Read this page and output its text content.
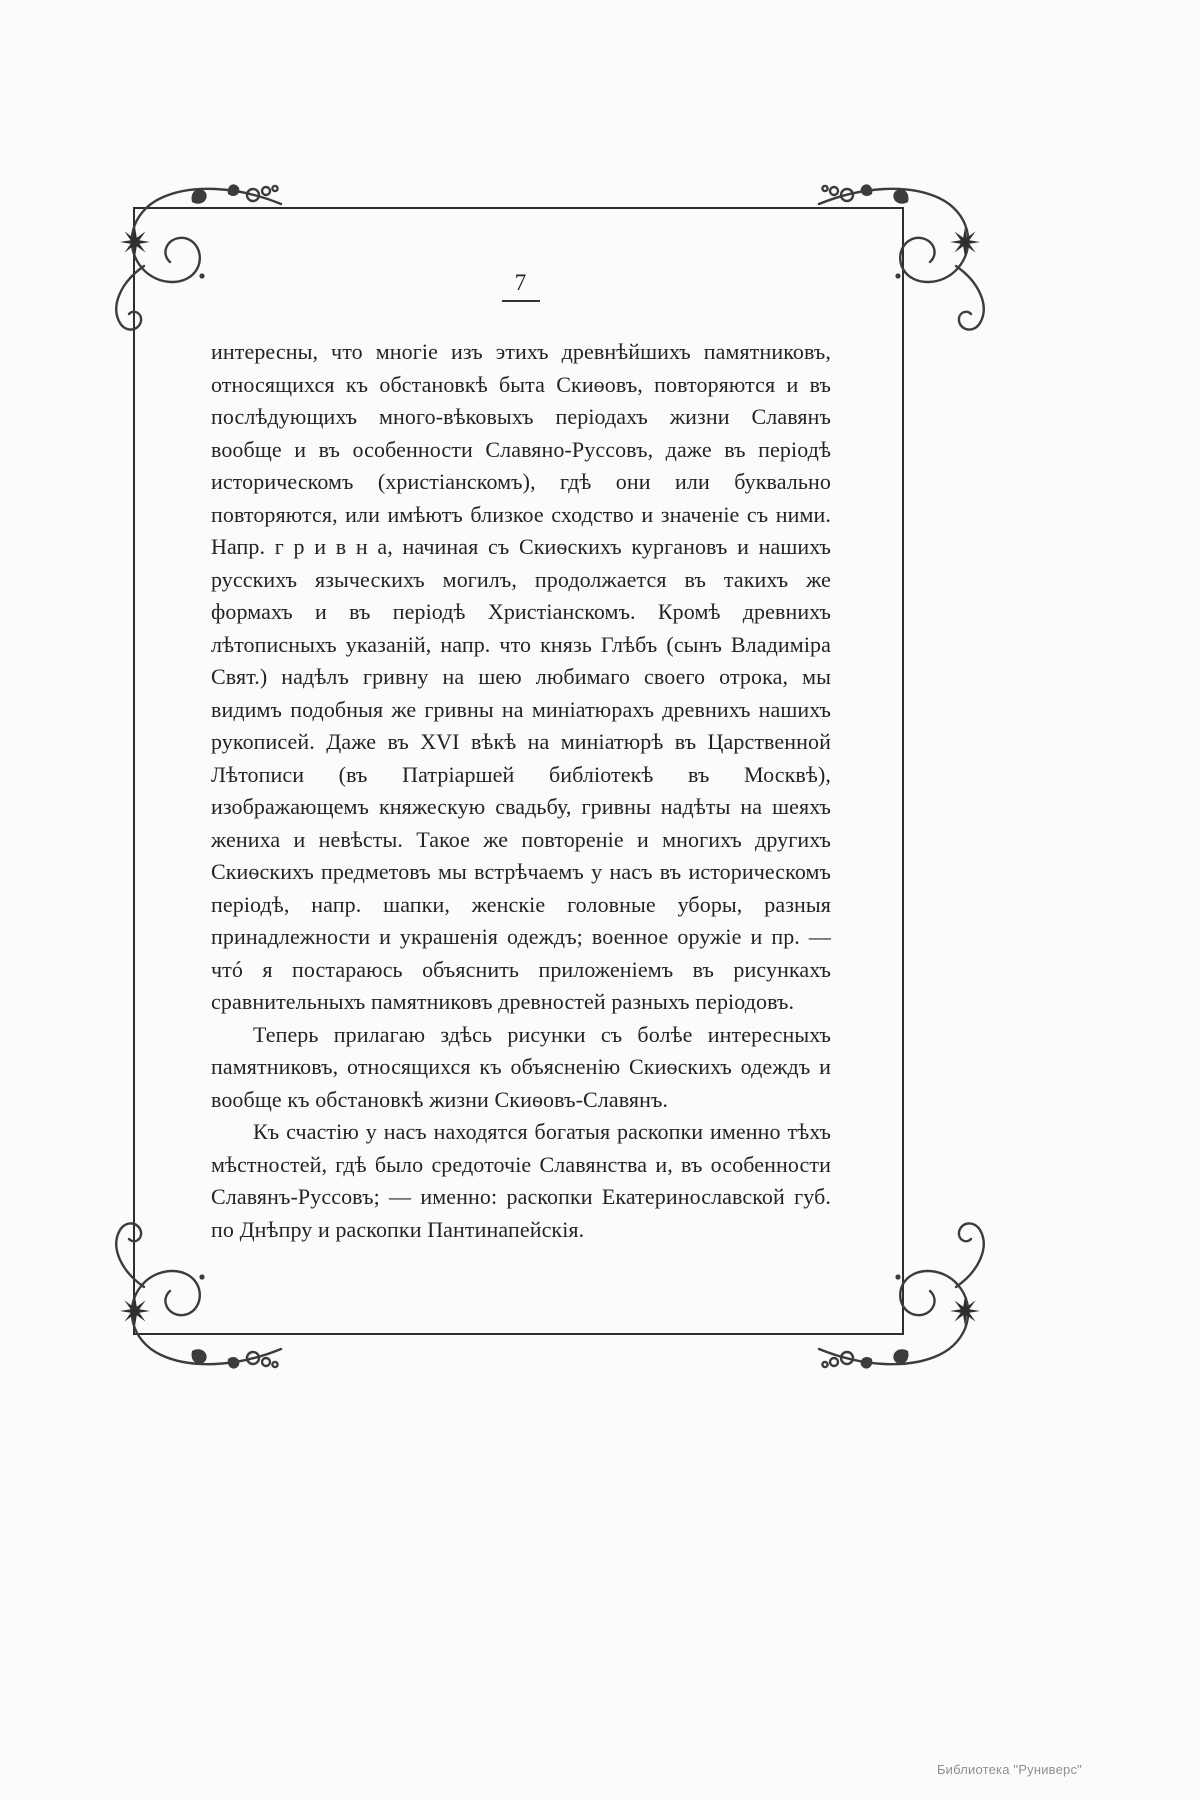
7

интересны, что многіе изъ этихъ древнѣйшихъ памятниковъ, относящихся къ обстановкѣ быта Скиѳовъ, повторяются и въ послѣдующихъ много-вѣковыхъ періодахъ жизни Славянъ вообще и въ особенности Славяно-Руссовъ, даже въ періодѣ историческомъ (христіанскомъ), гдѣ они или буквально повторяются, или имѣютъ близкое сходство и значеніе съ ними. Напр. г р и в н а, начиная съ Скиѳскихъ кургановъ и нашихъ русскихъ языческихъ могилъ, продолжается въ такихъ же формахъ и въ періодѣ Христіанскомъ. Кромѣ древнихъ лѣтописныхъ указаній, напр. что князь Глѣбъ (сынъ Владиміра Свят.) надѣлъ гривну на шею любимаго своего отрока, мы видимъ подобныя же гривны на миніатюрахъ древнихъ нашихъ рукописей. Даже въ XVI вѣкѣ на миніатюрѣ въ Царственной Лѣтописи (въ Патріаршей библіотекѣ въ Москвѣ), изображающемъ княжескую свадьбу, гривны надѣты на шеяхъ жениха и невѣсты. Такое же повтореніе и многихъ другихъ Скиѳскихъ предметовъ мы встрѣчаемъ у насъ въ историческомъ періодѣ, напр. шапки, женскіе головные уборы, разныя принадлежности и украшенія одеждъ; военное оружіе и пр. — чтó я постараюсь объяснить приложеніемъ въ рисункахъ сравнительныхъ памятниковъ древностей разныхъ періодовъ.

Теперь прилагаю здѣсь рисунки съ болѣе интересныхъ памятниковъ, относящихся къ объясненію Скиѳскихъ одеждъ и вообще къ обстановкѣ жизни Скиѳовъ-Славянъ.

Къ счастію у насъ находятся богатыя раскопки именно тѣхъ мѣстностей, гдѣ было средоточіе Славянства и, въ особенности Славянъ-Руссовъ; — именно: раскопки Екатеринославской губ. по Днѣпру и раскопки Пантинапейскія.

Библиотека "Руниверс"
